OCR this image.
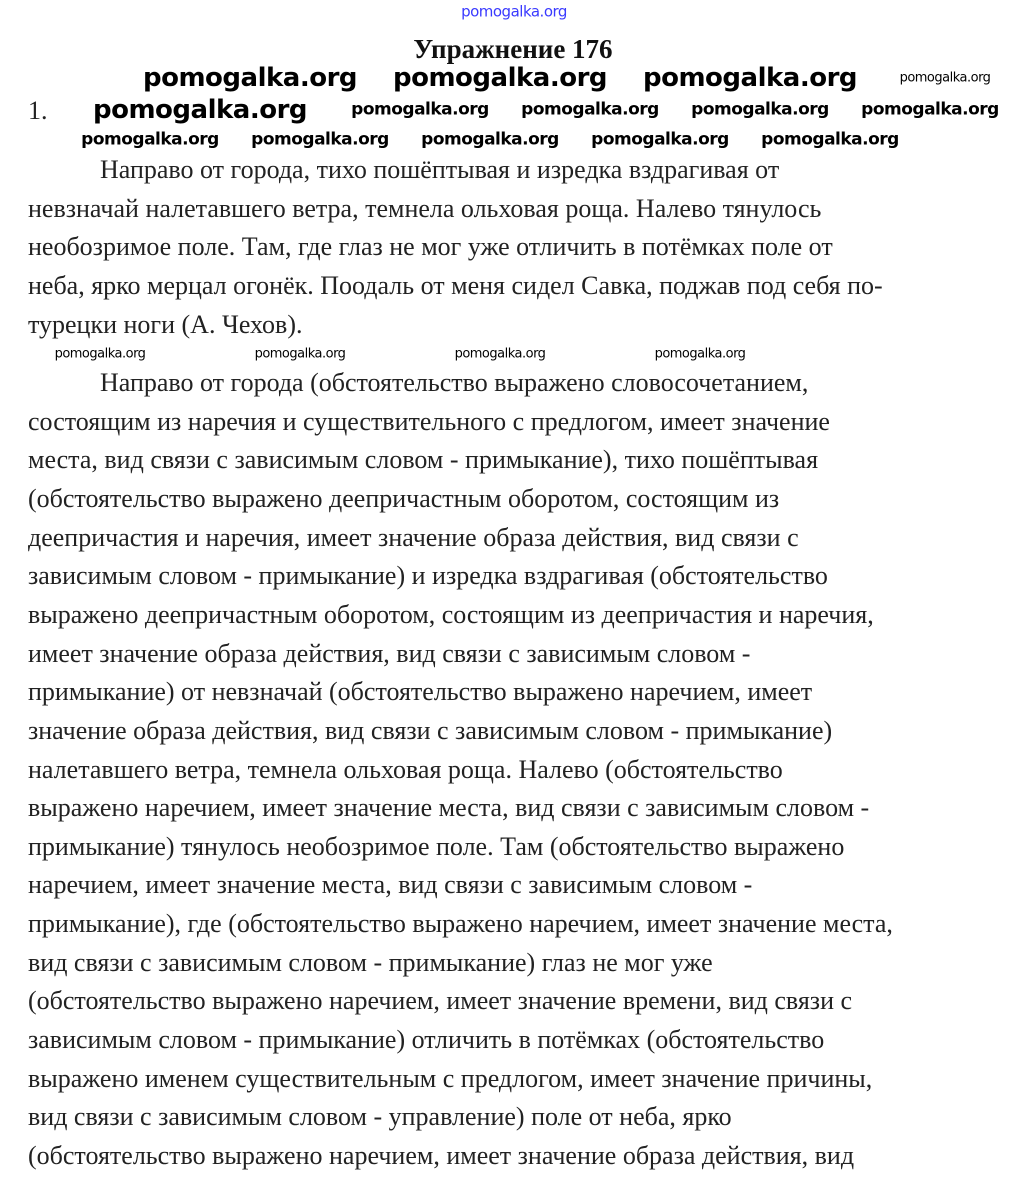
Упражнение 176
1.
Направо от города, тихо пошёптывая и изредка вздрагивая от
невзначай налетавшего ветра, темнела ольховая роща. Налево тянулось
необозримое поле. Там, где глаз не мог уже отличить в потёмках поле от
неба, ярко мерцал огонёк. Поодаль от меня сидел Савка, поджав под себя по-
турецки ноги (А. Чехов).
Направо от города (обстоятельство выражено словосочетанием,
состоящим из наречия и существительного с предлогом, имеет значение
места, вид связи с зависимым словом - примыкание), тихо пошёптывая
(обстоятельство выражено деепричастным оборотом, состоящим из
деепричастия и наречия, имеет значение образа действия, вид связи с
зависимым словом - примыкание) и изредка вздрагивая (обстоятельство
выражено деепричастным оборотом, состоящим из деепричастия и наречия,
имеет значение образа действия, вид связи с зависимым словом -
примыкание) от невзначай (обстоятельство выражено наречием, имеет
значение образа действия, вид связи с зависимым словом - примыкание)
налетавшего ветра, темнела ольховая роща. Налево (обстоятельство
выражено наречием, имеет значение места, вид связи с зависимым словом -
примыкание) тянулось необозримое поле. Там (обстоятельство выражено
наречием, имеет значение места, вид связи с зависимым словом -
примыкание), где (обстоятельство выражено наречием, имеет значение места,
вид связи с зависимым словом - примыкание) глаз не мог уже
(обстоятельство выражено наречием, имеет значение времени, вид связи с
зависимым словом - примыкание) отличить в потёмках (обстоятельство
выражено именем существительным с предлогом, имеет значение причины,
вид связи с зависимым словом - управление) поле от неба, ярко
(обстоятельство выражено наречием, имеет значение образа действия, вид
pomogalka.org
pomogalka.org pomogalka.org pomogalka.org	pomogalka.org
pomogalka.org	pomogalka.org pomogalka.org pomogalka.org pomogalka.org
pomogalka.org pomogalka.org pomogalka.org pomogalka.org pomogalka.org
pomogalka.org	pomogalka.org	pomogalka.org	pomogalka.org
